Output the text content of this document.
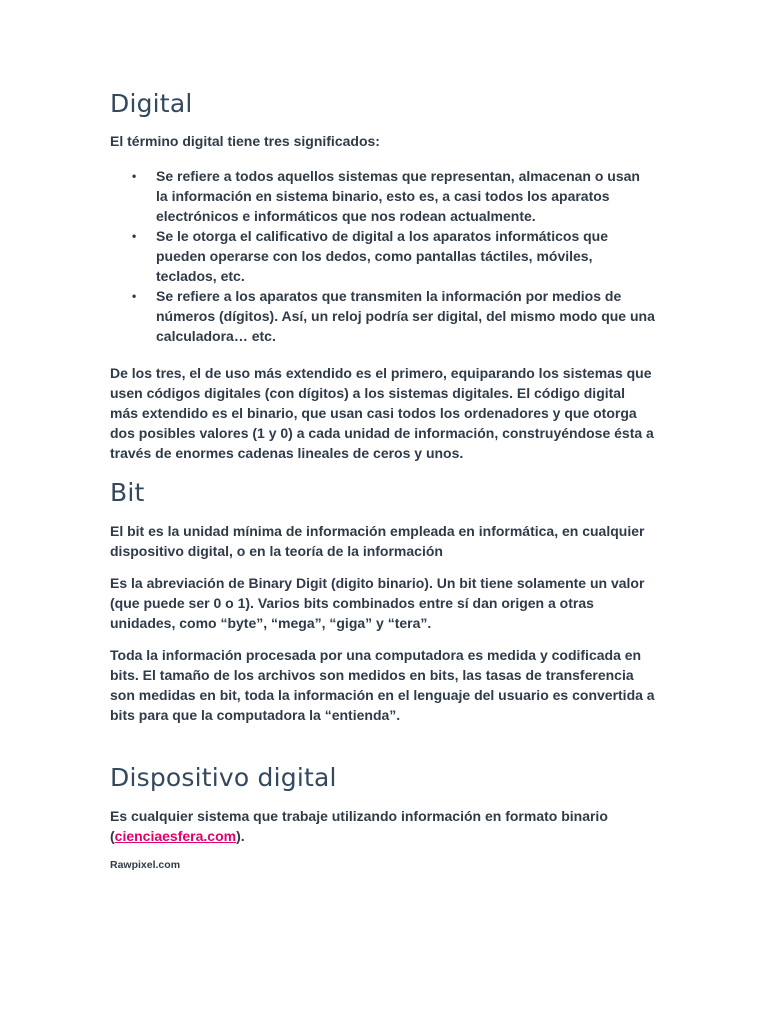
Digital

El término digital tiene tres significados:

• Se refiere a todos aquellos sistemas que representan, almacenan o usan la información en sistema binario, esto es, a casi todos los aparatos electrónicos e informáticos que nos rodean actualmente.
• Se le otorga el calificativo de digital a los aparatos informáticos que pueden operarse con los dedos, como pantallas táctiles, móviles, teclados, etc.
• Se refiere a los aparatos que transmiten la información por medios de números (dígitos). Así, un reloj podría ser digital, del mismo modo que una calculadora… etc.

De los tres, el de uso más extendido es el primero, equiparando los sistemas que usen códigos digitales (con dígitos) a los sistemas digitales. El código digital más extendido es el binario, que usan casi todos los ordenadores y que otorga dos posibles valores (1 y 0) a cada unidad de información, construyéndose ésta a través de enormes cadenas lineales de ceros y unos.

Bit

El bit es la unidad mínima de información empleada en informática, en cualquier dispositivo digital, o en la teoría de la información

Es la abreviación de Binary Digit (digito binario). Un bit tiene solamente un valor (que puede ser 0 o 1). Varios bits combinados entre sí dan origen a otras unidades, como “byte”, “mega”, “giga” y “tera”.

Toda la información procesada por una computadora es medida y codificada en bits. El tamaño de los archivos son medidos en bits, las tasas de transferencia son medidas en bit, toda la información en el lenguaje del usuario es convertida a bits para que la computadora la “entienda”.

Dispositivo digital

Es cualquier sistema que trabaje utilizando información en formato binario (cienciaesfera.com).

Rawpixel.com
